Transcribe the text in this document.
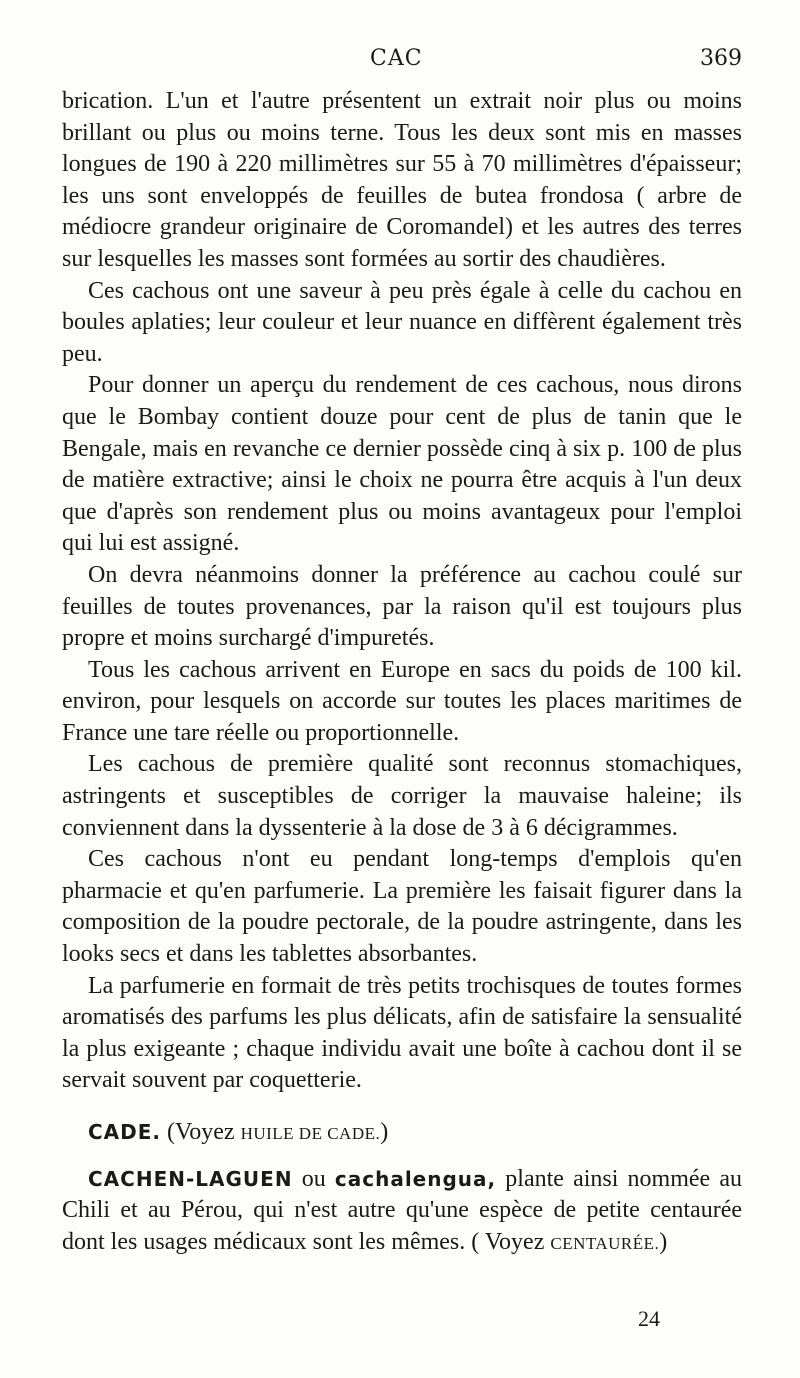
CAC	369

brication. L'un et l'autre présentent un extrait noir plus ou moins brillant ou plus ou moins terne. Tous les deux sont mis en masses longues de 190 à 220 millimètres sur 55 à 70 millimètres d'épaisseur; les uns sont enveloppés de feuilles de butea frondosa ( arbre de médiocre grandeur originaire de Coromandel) et les autres des terres sur lesquelles les masses sont formées au sortir des chaudières.

Ces cachous ont une saveur à peu près égale à celle du cachou en boules aplaties; leur couleur et leur nuance en diffèrent également très peu.

Pour donner un aperçu du rendement de ces cachous, nous dirons que le Bombay contient douze pour cent de plus de tanin que le Bengale, mais en revanche ce dernier possède cinq à six p. 100 de plus de matière extractive; ainsi le choix ne pourra être acquis à l'un deux que d'après son rendement plus ou moins avantageux pour l'emploi qui lui est assigné.

On devra néanmoins donner la préférence au cachou coulé sur feuilles de toutes provenances, par la raison qu'il est toujours plus propre et moins surchargé d'impuretés.

Tous les cachous arrivent en Europe en sacs du poids de 100 kil. environ, pour lesquels on accorde sur toutes les places maritimes de France une tare réelle ou proportionnelle.

Les cachous de première qualité sont reconnus stomachiques, astringents et susceptibles de corriger la mauvaise haleine; ils conviennent dans la dyssenterie à la dose de 3 à 6 décigrammes.

Ces cachous n'ont eu pendant long-temps d'emplois qu'en pharmacie et qu'en parfumerie. La première les faisait figurer dans la composition de la poudre pectorale, de la poudre astringente, dans les looks secs et dans les tablettes absorbantes.

La parfumerie en formait de très petits trochisques de toutes formes aromatisés des parfums les plus délicats, afin de satisfaire la sensualité la plus exigeante ; chaque individu avait une boîte à cachou dont il se servait souvent par coquetterie.

CADE. (Voyez HUILE DE CADE.)

CACHEN-LAGUEN ou cachalengua, plante ainsi nommée au Chili et au Pérou, qui n'est autre qu'une espèce de petite centaurée dont les usages médicaux sont les mêmes. ( Voyez CENTAURÉE.)

24
